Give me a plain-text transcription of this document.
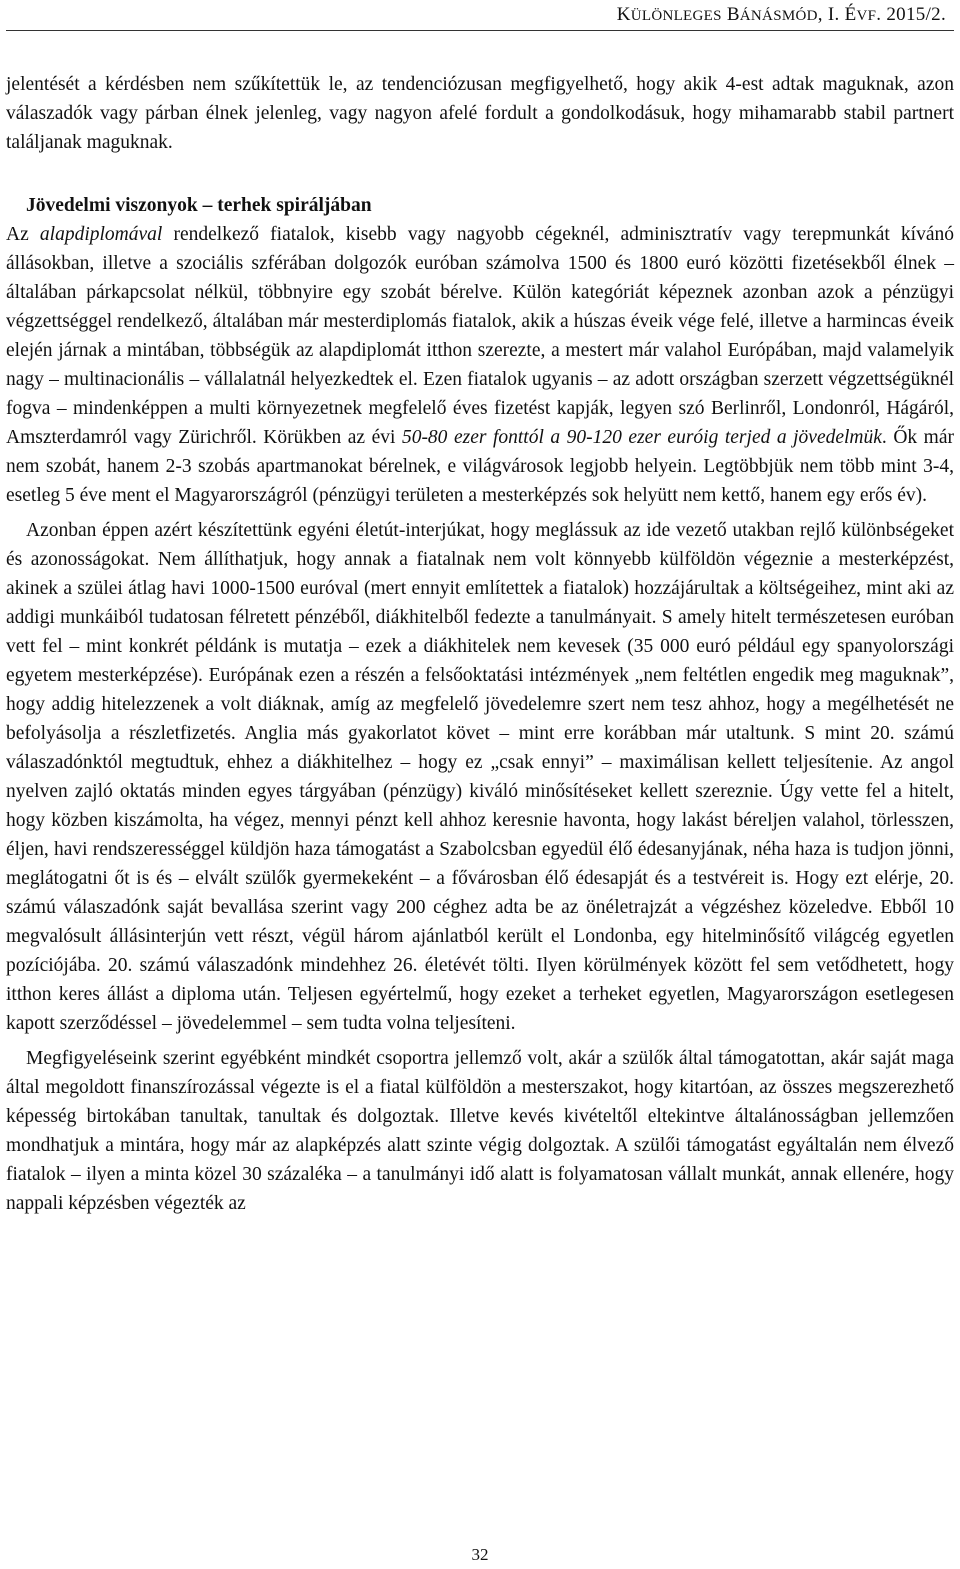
KÜLÖNLEGES BÁNÁSMÓD, I. ÉVF. 2015/2.

jelentését a kérdésben nem szűkítettük le, az tendenciózusan megfigyelhető, hogy akik 4-est adtak maguknak, azon válaszadók vagy párban élnek jelenleg, vagy nagyon afelé fordult a gondolkodásuk, hogy mihamarabb stabil partnert találjanak maguknak.

Jövedelmi viszonyok – terhek spiráljában

Az alapdiplomával rendelkező fiatalok, kisebb vagy nagyobb cégeknél, adminisztratív vagy terepmunkát kívánó állásokban, illetve a szociális szférában dolgozók euróban számolva 1500 és 1800 euró közötti fizetésekből élnek – általában párkapcsolat nélkül, többnyire egy szobát bérelve. Külön kategóriát képeznek azonban azok a pénzügyi végzettséggel rendelkező, általában már mesterdiplomás fiatalok, akik a húszas éveik vége felé, illetve a harmincas éveik elején járnak a mintában, többségük az alapdiplomát itthon szerezte, a mestert már valahol Európában, majd valamelyik nagy – multinacionális – vállalatnál helyezkedtek el. Ezen fiatalok ugyanis – az adott országban szerzett végzettségüknél fogva – mindenképpen a multi környezetnek megfelelő éves fizetést kapják, legyen szó Berlinről, Londonról, Hágáról, Amszterdamról vagy Zürichről. Körükben az évi 50-80 ezer fonttól a 90-120 ezer euróig terjed a jövedelmük. Ők már nem szobát, hanem 2-3 szobás apartmanokat bérelnek, e világvárosok legjobb helyein. Legtöbbjük nem több mint 3-4, esetleg 5 éve ment el Magyarországról (pénzügyi területen a mesterképzés sok helyütt nem kettő, hanem egy erős év).

Azonban éppen azért készítettünk egyéni életút-interjúkat, hogy meglássuk az ide vezető utakban rejlő különbségeket és azonosságokat. Nem állíthatjuk, hogy annak a fiatalnak nem volt könnyebb külföldön végeznie a mesterképzést, akinek a szülei átlag havi 1000-1500 euróval (mert ennyit említettek a fiatalok) hozzájárultak a költségeihez, mint aki az addigi munkáiból tudatosan félretett pénzéből, diákhitelből fedezte a tanulmányait. S amely hitelt természetesen euróban vett fel – mint konkrét példánk is mutatja – ezek a diákhitelek nem kevesek (35 000 euró például egy spanyolországi egyetem mesterképzése). Európának ezen a részén a felsőoktatási intézmények „nem feltétlen engedik meg maguknak”, hogy addig hitelezzenek a volt diáknak, amíg az megfelelő jövedelemre szert nem tesz ahhoz, hogy a megélhetését ne befolyásolja a részletfizetés. Anglia más gyakorlatot követ – mint erre korábban már utaltunk. S mint 20. számú válaszadónktól megtudtuk, ehhez a diákhitelhez – hogy ez „csak ennyi” – maximálisan kellett teljesítenie. Az angol nyelven zajló oktatás minden egyes tárgyában (pénzügy) kiváló minősítéseket kellett szereznie. Úgy vette fel a hitelt, hogy közben kiszámolta, ha végez, mennyi pénzt kell ahhoz keresnie havonta, hogy lakást béreljen valahol, törlesszen, éljen, havi rendszerességgel küldjön haza támogatást a Szabolcsban egyedül élő édesanyjának, néha haza is tudjon jönni, meglátogatni őt is és – elvált szülők gyermekeként – a fővárosban élő édesapját és a testvéreit is. Hogy ezt elérje, 20. számú válaszadónk saját bevallása szerint vagy 200 céghez adta be az önéletrajzát a végzéshez közeledve. Ebből 10 megvalósult állásinterjún vett részt, végül három ajánlatból került el Londonba, egy hitelminősítő világcég egyetlen pozíciójába. 20. számú válaszadónk mindehhez 26. életévét tölti. Ilyen körülmények között fel sem vetődhetett, hogy itthon keres állást a diploma után. Teljesen egyértelmű, hogy ezeket a terheket egyetlen, Magyarországon esetlegesen kapott szerződéssel – jövedelemmel – sem tudta volna teljesíteni.

Megfigyeléseink szerint egyébként mindkét csoportra jellemző volt, akár a szülők által támogatottan, akár saját maga által megoldott finanszírozással végezte is el a fiatal külföldön a mesterszakot, hogy kitartóan, az összes megszerezhető képesség birtokában tanultak, tanultak és dolgoztak. Illetve kevés kivételtől eltekintve általánosságban jellemzően mondhatjuk a mintára, hogy már az alapképzés alatt szinte végig dolgoztak. A szülői támogatást egyáltalán nem élvező fiatalok – ilyen a minta közel 30 százaléka – a tanulmányi idő alatt is folyamatosan vállalt munkát, annak ellenére, hogy nappali képzésben végezték az

32
